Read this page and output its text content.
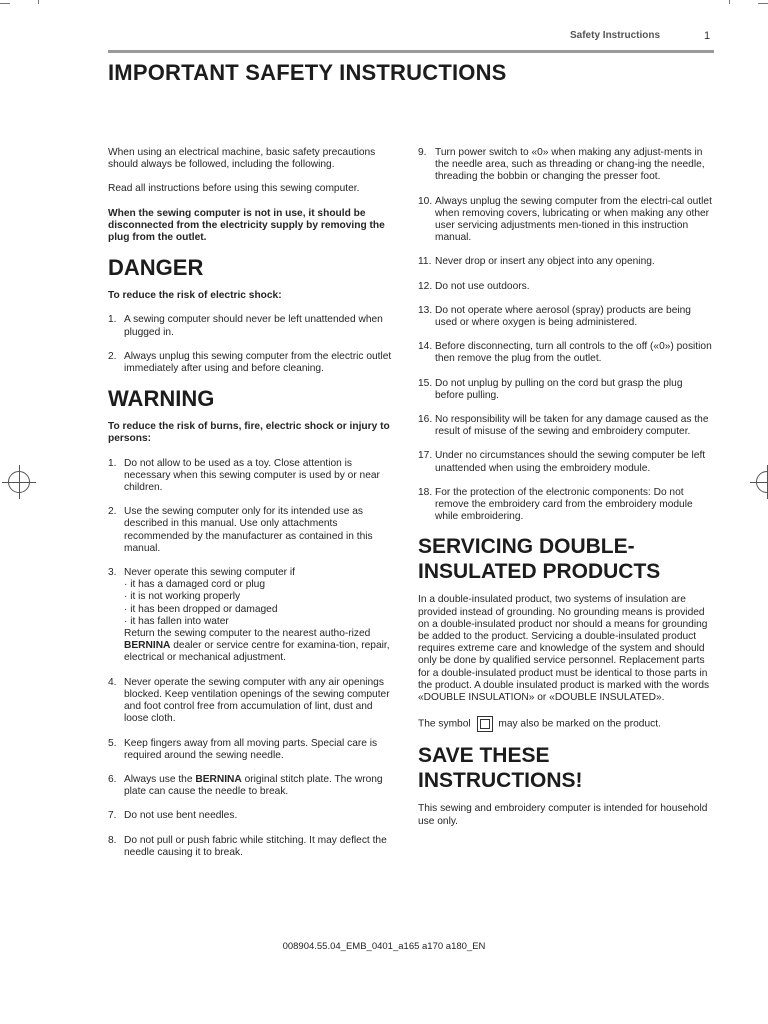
Safety Instructions	1
IMPORTANT SAFETY INSTRUCTIONS

When using an electrical machine, basic safety precautions should always be followed, including the following.

Read all instructions before using this sewing computer.

When the sewing computer is not in use, it should be disconnected from the electricity supply by removing the plug from the outlet.

DANGER

To reduce the risk of electric shock:

1. A sewing computer should never be left unattended when plugged in.
2. Always unplug this sewing computer from the electric outlet immediately after using and before cleaning.
WARNING

To reduce the risk of burns, fire, electric shock or injury to persons:

1. Do not allow to be used as a toy. Close attention is necessary when this sewing computer is used by or near children.
2. Use the sewing computer only for its intended use as described in this manual. Use only attachments recommended by the manufacturer as contained in this manual.
3. Never operate this sewing computer if
· it has a damaged cord or plug
· it is not working properly
· it has been dropped or damaged
· it has fallen into water
Return the sewing computer to the nearest autho-rized BERNINA dealer or service centre for examina-tion, repair, electrical or mechanical adjustment.
4. Never operate the sewing computer with any air openings blocked. Keep ventilation openings of the sewing computer and foot control free from accumulation of lint, dust and loose cloth.
5. Keep fingers away from all moving parts. Special care is required around the sewing needle.
6. Always use the BERNINA original stitch plate. The wrong plate can cause the needle to break.
7. Do not use bent needles.
8. Do not pull or push fabric while stitching. It may deflect the needle causing it to break.
9. Turn power switch to «0» when making any adjust-ments in the needle area, such as threading or chang-ing the needle, threading the bobbin or changing the presser foot.
10. Always unplug the sewing computer from the electri-cal outlet when removing covers, lubricating or when making any other user servicing adjustments men-tioned in this instruction manual.
11. Never drop or insert any object into any opening.
12. Do not use outdoors.
13. Do not operate where aerosol (spray) products are being used or where oxygen is being administered.
14. Before disconnecting, turn all controls to the off («0») position then remove the plug from the outlet.
15. Do not unplug by pulling on the cord but grasp the plug before pulling.
16. No responsibility will be taken for any damage caused as the result of misuse of the sewing and embroidery computer.
17. Under no circumstances should the sewing computer be left unattended when using the embroidery module.
18. For the protection of the electronic components: Do not remove the embroidery card from the embroidery module while embroidering.
SERVICING DOUBLE-
INSULATED PRODUCTS

In a double-insulated product, two systems of insulation are provided instead of grounding. No grounding means is provided on a double-insulated product nor should a means for grounding be added to the product. Servicing a double-insulated product requires extreme care and knowledge of the system and should only be done by qualified service personnel. Replacement parts for a double-insulated product must be identical to those parts in the product. A double insulated product is marked with the words «DOUBLE INSULATION» or «DOUBLE INSULATED».

The symbol	may also be marked on the product.

SAVE THESE
INSTRUCTIONS!

This sewing and embroidery computer is intended for household use only.

008904.55.04_EMB_0401_a165 a170 a180_EN
